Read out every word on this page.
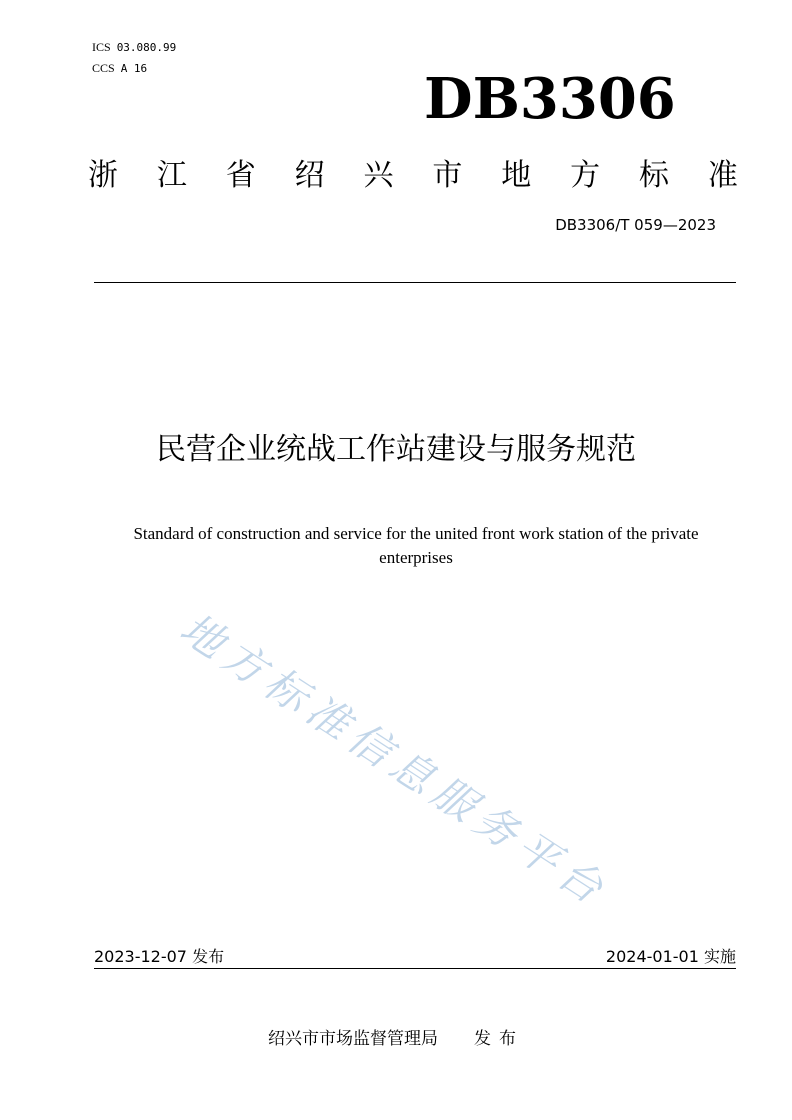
ICS 03.080.99
CCS A 16	DB3306
浙 江 省 绍 兴 市 地 方 标 准
DB3306/T 059—2023
民营企业统战工作站建设与服务规范
Standard of construction and service for the united front work station of the private enterprises
地方标准信息服务平台
2023-12-07 发布	2024-01-01 实施
绍兴市市场监督管理局 发布
